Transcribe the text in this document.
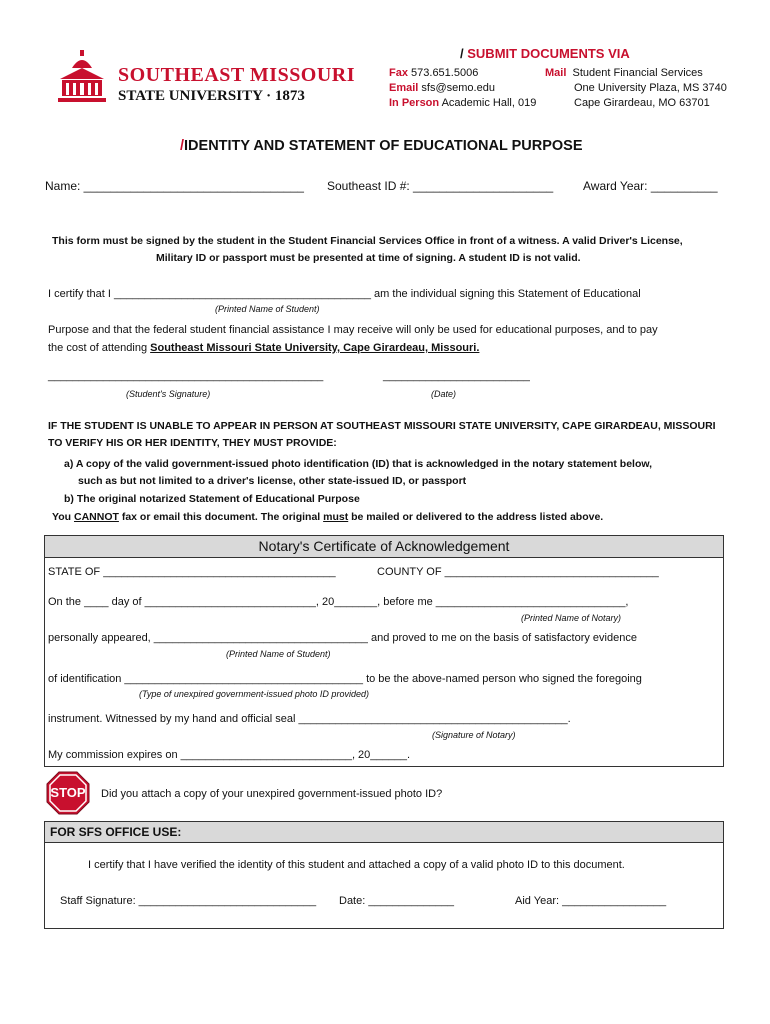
SOUTHEAST MISSOURI
STATE UNIVERSITY · 1873
/ SUBMIT DOCUMENTS VIA
Fax 573.651.5006
Email sfs@semo.edu
In Person Academic Hall, 019
Mail Student Financial Services
One University Plaza, MS 3740
Cape Girardeau, MO 63701
/IDENTITY AND STATEMENT OF EDUCATIONAL PURPOSE
Name: _________________________________ Southeast ID #: _____________________ Award Year: __________
This form must be signed by the student in the Student Financial Services Office in front of a witness. A valid Driver's License,
Military ID or passport must be presented at time of signing. A student ID is not valid.
I certify that I __________________________________________ am the individual signing this Statement of Educational
(Printed Name of Student)
Purpose and that the federal student financial assistance I may receive will only be used for educational purposes, and to pay
the cost of attending Southeast Missouri State University, Cape Girardeau, Missouri.
_____________________________________________	________________________
(Student's Signature)	(Date)
IF THE STUDENT IS UNABLE TO APPEAR IN PERSON AT SOUTHEAST MISSOURI STATE UNIVERSITY, CAPE GIRARDEAU, MISSOURI
TO VERIFY HIS OR HER IDENTITY, THEY MUST PROVIDE:
a) A copy of the valid government-issued photo identification (ID) that is acknowledged in the notary statement below,
such as but not limited to a driver's license, other state-issued ID, or passport
b) The original notarized Statement of Educational Purpose
You CANNOT fax or email this document. The original must be mailed or delivered to the address listed above.
Notary's Certificate of Acknowledgement
STATE OF ______________________________________	COUNTY OF ___________________________________
On the ____ day of ____________________________, 20_______, before me _______________________________,
(Printed Name of Notary)
personally appeared, ___________________________________ and proved to me on the basis of satisfactory evidence
(Printed Name of Student)
of identification _______________________________________ to be the above-named person who signed the foregoing
(Type of unexpired government-issued photo ID provided)
instrument. Witnessed by my hand and official seal ____________________________________________.
(Signature of Notary)
My commission expires on ____________________________, 20______.
STOP	Did you attach a copy of your unexpired government-issued photo ID?
FOR SFS OFFICE USE:
I certify that I have verified the identity of this student and attached a copy of a valid photo ID to this document.
Staff Signature: _____________________________ Date: ______________	Aid Year: _________________
